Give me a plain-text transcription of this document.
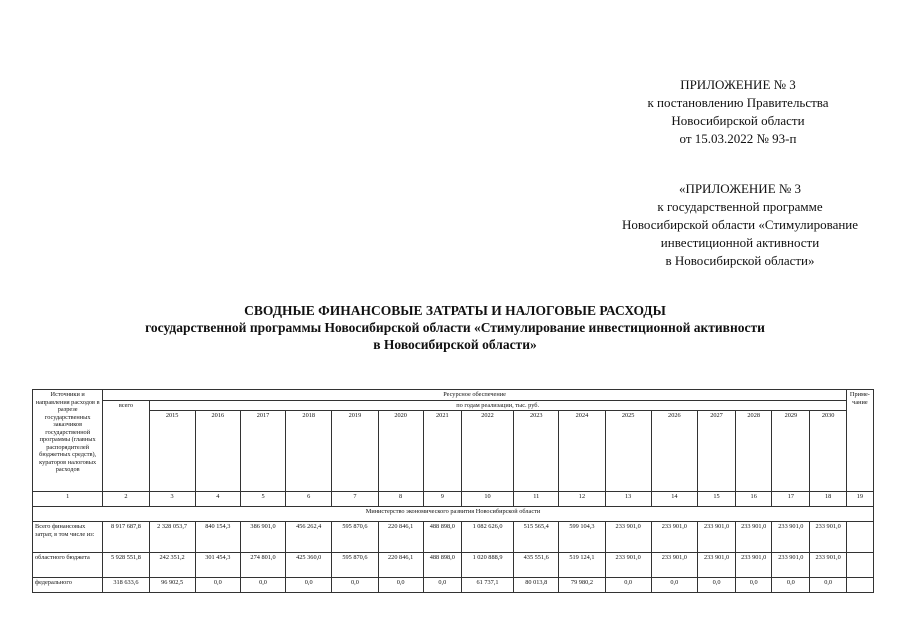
ПРИЛОЖЕНИЕ № 3
к постановлению Правительства
Новосибирской области
от 15.03.2022 № 93-п
«ПРИЛОЖЕНИЕ № 3
к государственной программе
Новосибирской области «Стимулирование
инвестиционной активности
в Новосибирской области»
СВОДНЫЕ ФИНАНСОВЫЕ ЗАТРАТЫ И НАЛОГОВЫЕ РАСХОДЫ
государственной программы Новосибирской области «Стимулирование инвестиционной активности
в Новосибирской области»
Источники и направления расходов в разрезе государственных заказчиков государственной программы (главных распорядителей бюджетных средств), кураторов налоговых расходов	Ресурсное обеспечение																	Приме-чание
	всего	по годам реализации, тыс. руб.																
		2015	2016	2017	2018	2019	2020	2021	2022	2023	2024	2025	2026	2027	2028	2029	2030	
1	2	3	4	5	6	7	8	9	10	11	12	13	14	15	16	17	18	19
Министерство экономического развития Новосибирской области																		
Всего финансовых затрат, в том числе из:	8 917 687,8	2 328 053,7	840 154,3	386 901,0	456 262,4	595 870,6	220 846,1	488 898,0	1 082 626,0	515 565,4	599 104,3	233 901,0	233 901,0	233 901,0	233 901,0	233 901,0	233 901,0	
областного бюджета	5 928 551,8	242 351,2	301 454,3	274 801,0	425 360,0	595 870,6	220 846,1	488 898,0	1 020 888,9	435 551,6	519 124,1	233 901,0	233 901,0	233 901,0	233 901,0	233 901,0	233 901,0	
федерального	318 633,6	96 902,5	0,0	0,0	0,0	0,0	0,0	0,0	61 737,1	80 013,8	79 980,2	0,0	0,0	0,0	0,0	0,0	0,0	
